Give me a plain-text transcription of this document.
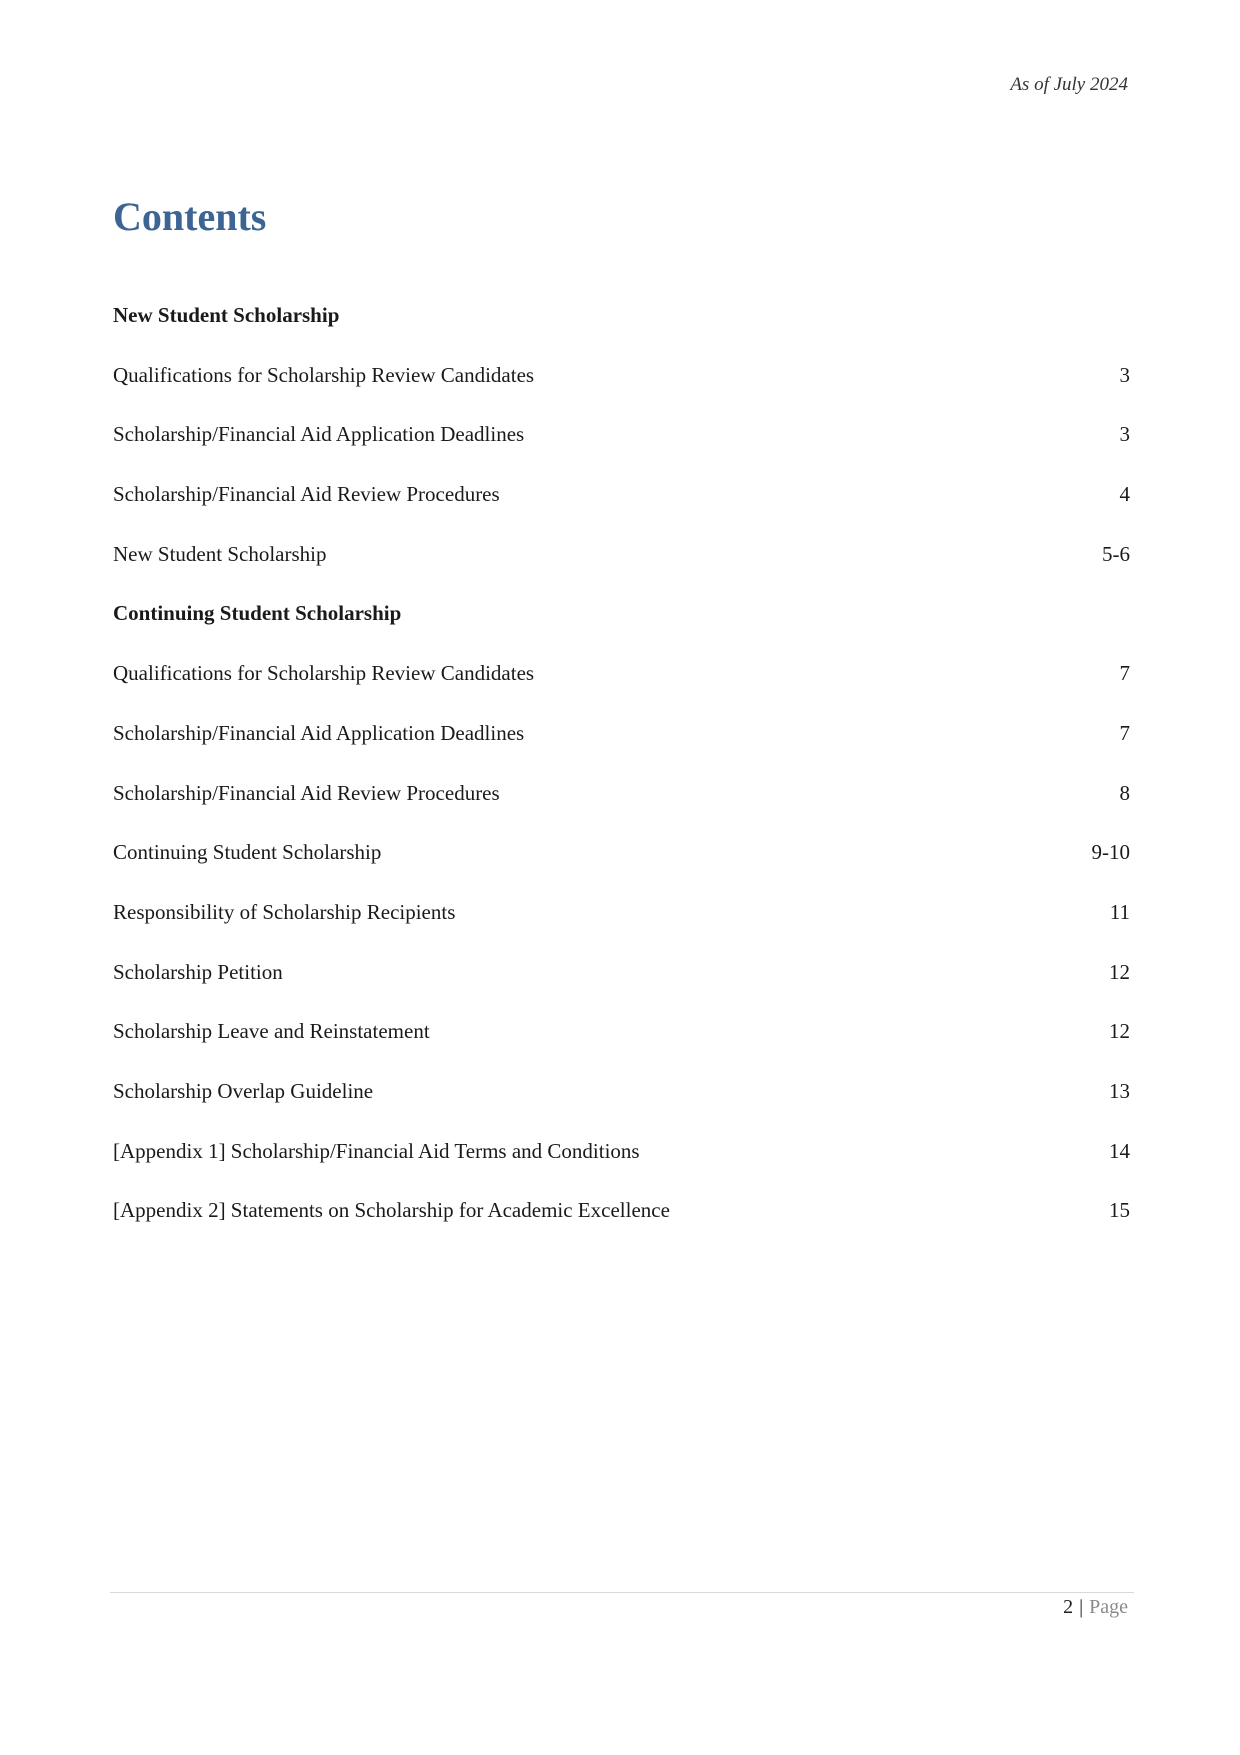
As of July 2024
Contents
New Student Scholarship
Qualifications for Scholarship Review Candidates	3
Scholarship/Financial Aid Application Deadlines	3
Scholarship/Financial Aid Review Procedures	4
New Student Scholarship	5-6
Continuing Student Scholarship
Qualifications for Scholarship Review Candidates	7
Scholarship/Financial Aid Application Deadlines	7
Scholarship/Financial Aid Review Procedures	8
Continuing Student Scholarship	9-10
Responsibility of Scholarship Recipients	11
Scholarship Petition	12
Scholarship Leave and Reinstatement	12
Scholarship Overlap Guideline	13
[Appendix 1] Scholarship/Financial Aid Terms and Conditions	14
[Appendix 2] Statements on Scholarship for Academic Excellence	15
2 | Page
